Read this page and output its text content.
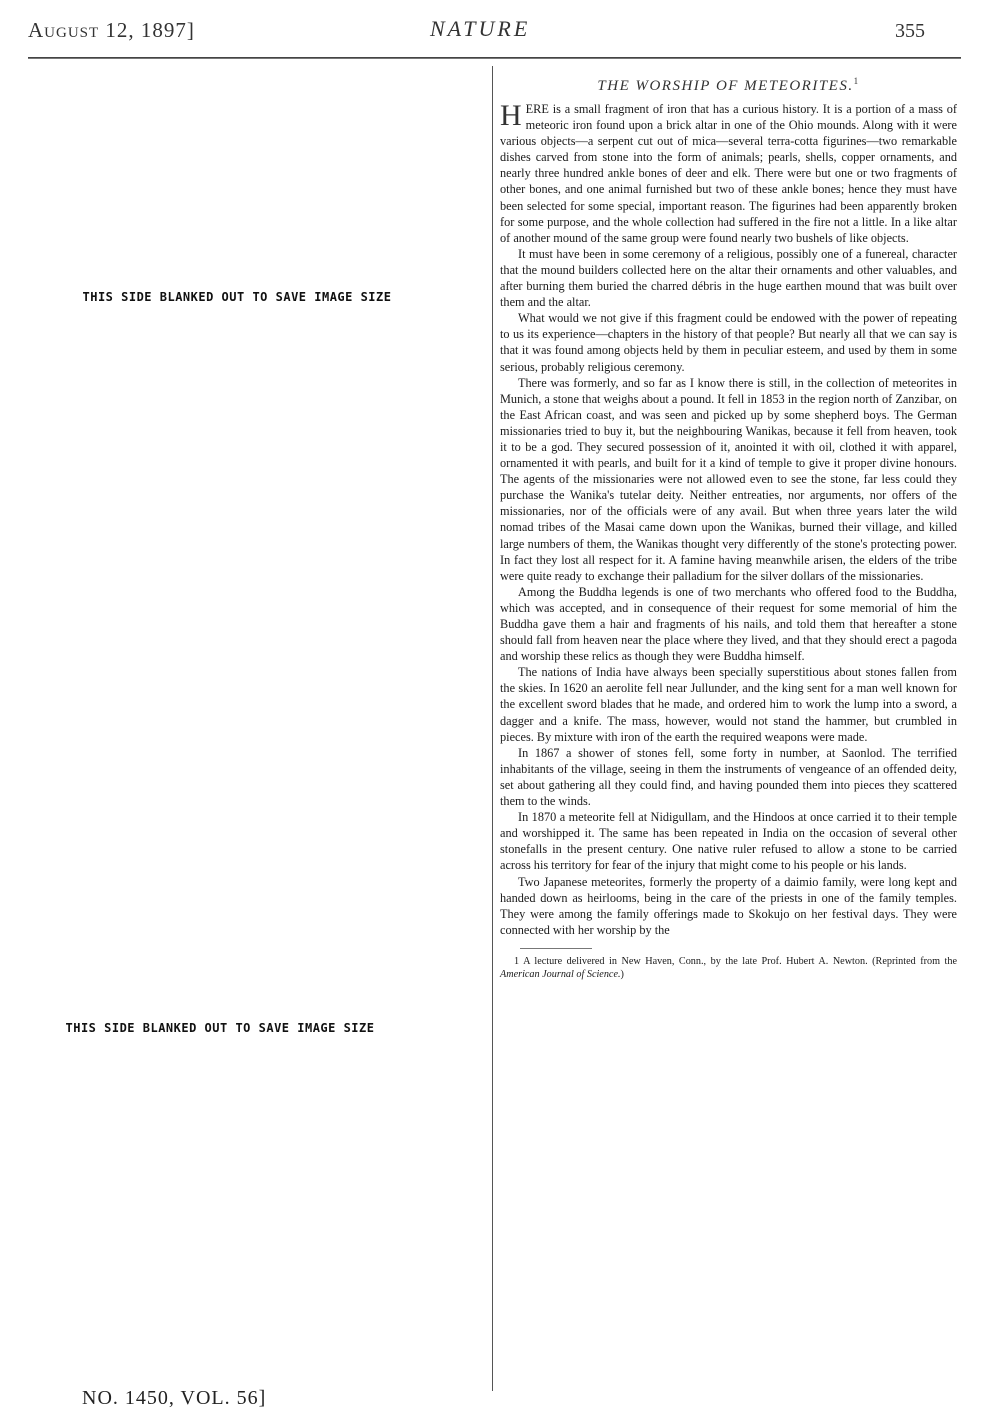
August 12, 1897]	NATURE	355
THIS SIDE BLANKED OUT TO SAVE IMAGE SIZE
THIS SIDE BLANKED OUT TO SAVE IMAGE SIZE

THE WORSHIP OF METEORITES.$^1$

HERE is a small fragment of iron that has a curious history. It is a portion of a mass of meteoric iron found upon a brick altar in one of the Ohio mounds. Along with it were various objects—a serpent cut out of mica—several terra-cotta figurines—two remarkable dishes carved from stone into the form of animals; pearls, shells, copper ornaments, and nearly three hundred ankle bones of deer and elk. There were but one or two fragments of other bones, and one animal furnished but two of these ankle bones; hence they must have been selected for some special, important reason. The figurines had been apparently broken for some purpose, and the whole collection had suffered in the fire not a little. In a like altar of another mound of the same group were found nearly two bushels of like objects.

It must have been in some ceremony of a religious, possibly one of a funereal, character that the mound builders collected here on the altar their ornaments and other valuables, and after burning them buried the charred débris in the huge earthen mound that was built over them and the altar.

What would we not give if this fragment could be endowed with the power of repeating to us its experience—chapters in the history of that people? But nearly all that we can say is that it was found among objects held by them in peculiar esteem, and used by them in some serious, probably religious ceremony.

There was formerly, and so far as I know there is still, in the collection of meteorites in Munich, a stone that weighs about a pound. It fell in 1853 in the region north of Zanzibar, on the East African coast, and was seen and picked up by some shepherd boys. The German missionaries tried to buy it, but the neighbouring Wanikas, because it fell from heaven, took it to be a god. They secured possession of it, anointed it with oil, clothed it with apparel, ornamented it with pearls, and built for it a kind of temple to give it proper divine honours. The agents of the missionaries were not allowed even to see the stone, far less could they purchase the Wanika's tutelar deity. Neither entreaties, nor arguments, nor offers of the missionaries, nor of the officials were of any avail. But when three years later the wild nomad tribes of the Masai came down upon the Wanikas, burned their village, and killed large numbers of them, the Wanikas thought very differently of the stone's protecting power. In fact they lost all respect for it. A famine having meanwhile arisen, the elders of the tribe were quite ready to exchange their palladium for the silver dollars of the missionaries.

Among the Buddha legends is one of two merchants who offered food to the Buddha, which was accepted, and in consequence of their request for some memorial of him the Buddha gave them a hair and fragments of his nails, and told them that hereafter a stone should fall from heaven near the place where they lived, and that they should erect a pagoda and worship these relics as though they were Buddha himself.

The nations of India have always been specially superstitious about stones fallen from the skies. In 1620 an aerolite fell near Jullunder, and the king sent for a man well known for the excellent sword blades that he made, and ordered him to work the lump into a sword, a dagger and a knife. The mass, however, would not stand the hammer, but crumbled in pieces. By mixture with iron of the earth the required weapons were made.

In 1867 a shower of stones fell, some forty in number, at Saonlod. The terrified inhabitants of the village, seeing in them the instruments of vengeance of an offended deity, set about gathering all they could find, and having pounded them into pieces they scattered them to the winds.

In 1870 a meteorite fell at Nidigullam, and the Hindoos at once carried it to their temple and worshipped it. The same has been repeated in India on the occasion of several other stonefalls in the present century. One native ruler refused to allow a stone to be carried across his territory for fear of the injury that might come to his people or his lands.

Two Japanese meteorites, formerly the property of a daimio family, were long kept and handed down as heirlooms, being in the care of the priests in one of the family temples. They were among the family offerings made to Skokujo on her festival days. They were connected with her worship by the

1 A lecture delivered in New Haven, Conn., by the late Prof. Hubert A. Newton. (Reprinted from the American Journal of Science.)

NO. 1450, VOL. 56]
